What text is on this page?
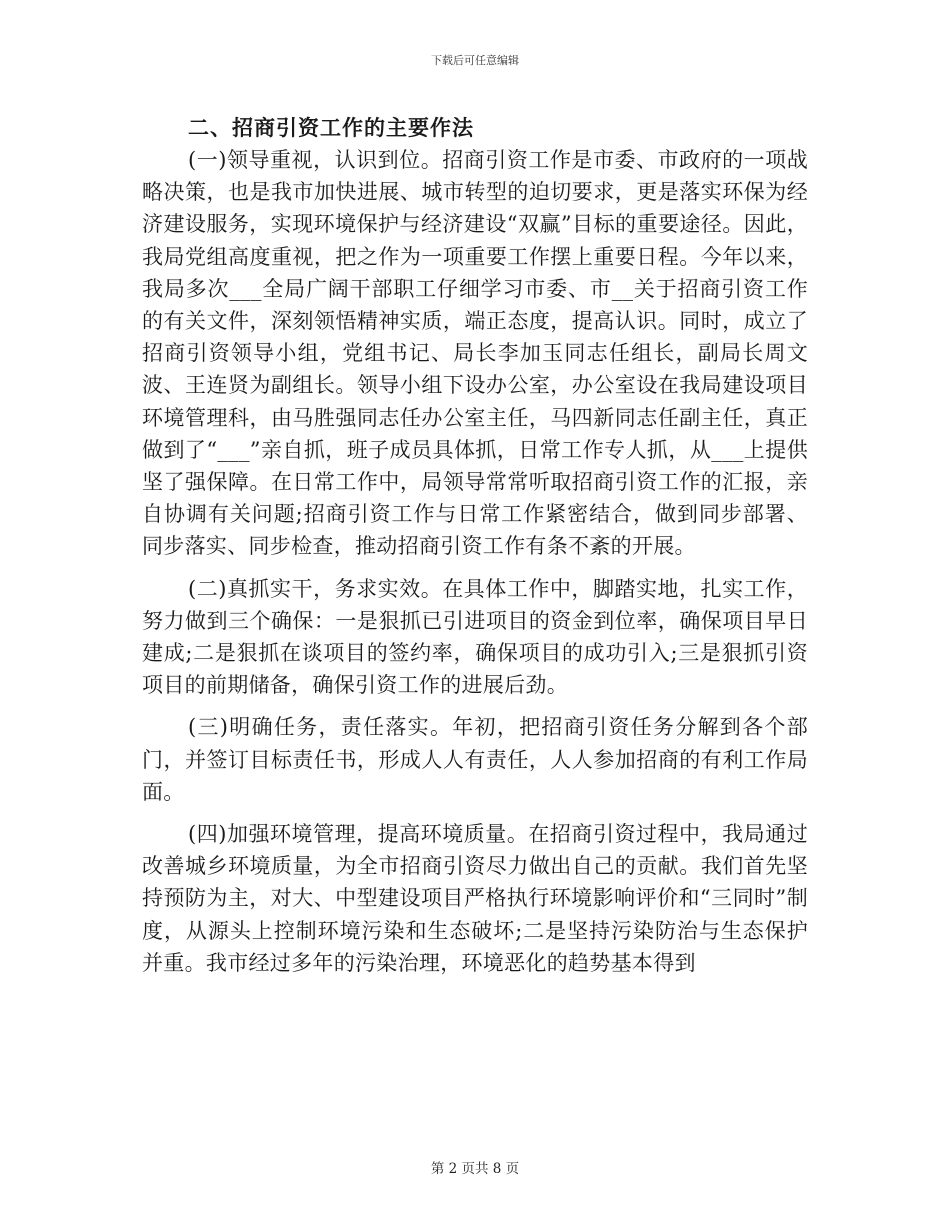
下载后可任意编辑

二、招商引资工作的主要作法

(一)领导重视，认识到位。招商引资工作是市委、市政府的一项战略决策，也是我市加快进展、城市转型的迫切要求，更是落实环保为经济建设服务，实现环境保护与经济建设“双赢”目标的重要途径。因此，我局党组高度重视，把之作为一项重要工作摆上重要日程。今年以来，我局多次___全局广阔干部职工仔细学习市委、市__关于招商引资工作的有关文件，深刻领悟精神实质，端正态度，提高认识。同时，成立了招商引资领导小组，党组书记、局长李加玉同志任组长，副局长周文波、王连贤为副组长。领导小组下设办公室，办公室设在我局建设项目环境管理科，由马胜强同志任办公室主任，马四新同志任副主任，真正做到了“___”亲自抓，班子成员具体抓，日常工作专人抓，从___上提供坚了强保障。在日常工作中，局领导常常听取招商引资工作的汇报，亲自协调有关问题;招商引资工作与日常工作紧密结合，做到同步部署、同步落实、同步检查，推动招商引资工作有条不紊的开展。

(二)真抓实干，务求实效。在具体工作中，脚踏实地，扎实工作，努力做到三个确保：一是狠抓已引进项目的资金到位率，确保项目早日建成;二是狠抓在谈项目的签约率，确保项目的成功引入;三是狠抓引资项目的前期储备，确保引资工作的进展后劲。

(三)明确任务，责任落实。年初，把招商引资任务分解到各个部门，并签订目标责任书，形成人人有责任，人人参加招商的有利工作局面。

(四)加强环境管理，提高环境质量。在招商引资过程中，我局通过改善城乡环境质量，为全市招商引资尽力做出自己的贡献。我们首先坚持预防为主，对大、中型建设项目严格执行环境影响评价和“三同时”制度，从源头上控制环境污染和生态破坏;二是坚持污染防治与生态保护并重。我市经过多年的污染治理，环境恶化的趋势基本得到

第 2 页共 8 页
